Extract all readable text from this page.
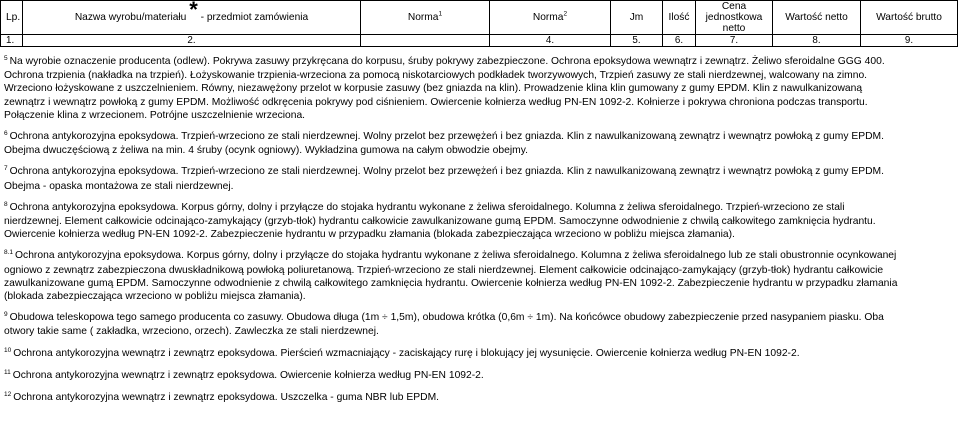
Lp.	Nazwa wyrobu/materiału * - przedmiot zamówienia	Norma$^1$	Norma$^2$	Jm	Ilość	Cena
jednostkowa
netto	Wartość netto	Wartość brutto
1.	2.		4.	5.	6.	7.	8.	9.

$^5$ Na wyrobie oznaczenie producenta (odlew). Pokrywa zasuwy przykręcana do korpusu, śruby pokrywy zabezpieczone. Ochrona epoksydowa wewnątrz i zewnątrz. Żeliwo sferoidalne GGG 400.

Ochrona trzpienia (nakładka na trzpień). Łożyskowanie trzpienia-wrzeciona za pomocą niskotarciowych podkładek tworzywowych, Trzpień zasuwy ze stali nierdzewnej, walcowany na zimno.

Wrzeciono łożyskowane z uszczelnieniem. Równy, niezawężony przelot w korpusie zasuwy (bez gniazda na klin). Prowadzenie klina klin gumowany z gumy EPDM. Klin z nawulkanizowaną

zewnątrz i wewnątrz powłoką z gumy EPDM. Możliwość odkręcenia pokrywy pod ciśnieniem. Owiercenie kołnierza według PN-EN 1092-2. Kołnierze i pokrywa chroniona podczas transportu.

Połączenie klina z wrzecionem. Potrójne uszczelnienie wrzeciona.

$^6$ Ochrona antykorozyjna epoksydowa. Trzpień-wrzeciono ze stali nierdzewnej. Wolny przelot bez przewężeń i bez gniazda. Klin z nawulkanizowaną zewnątrz i wewnątrz powłoką z gumy EPDM.

Obejma dwuczęściową z żeliwa na min. 4 śruby (ocynk ogniowy). Wykładzina gumowa na całym obwodzie obejmy.

$^7$ Ochrona antykorozyjna epoksydowa. Trzpień-wrzeciono ze stali nierdzewnej. Wolny przelot bez przewężeń i bez gniazda. Klin z nawulkanizowaną zewnątrz i wewnątrz powłoką z gumy EPDM.

Obejma - opaska montażowa ze stali nierdzewnej.

$^8$ Ochrona antykorozyjna epoksydowa. Korpus górny, dolny i przyłącze do stojaka hydrantu wykonane z żeliwa sferoidalnego. Kolumna z żeliwa sferoidalnego. Trzpień-wrzeciono ze stali

nierdzewnej. Element całkowicie odcinająco-zamykający (grzyb-tłok) hydrantu całkowicie zawulkanizowane gumą EPDM. Samoczynne odwodnienie z chwilą całkowitego zamknięcia hydrantu.

Owiercenie kołnierza według PN-EN 1092-2. Zabezpieczenie hydrantu w przypadku złamania (blokada zabezpieczająca wrzeciono w pobliżu miejsca złamania).

$^{8.1}$ Ochrona antykorozyjna epoksydowa. Korpus górny, dolny i przyłącze do stojaka hydrantu wykonane z żeliwa sferoidalnego. Kolumna z żeliwa sferoidalnego lub ze stali obustronnie ocynkowanej

ogniowo z zewnątrz zabezpieczona dwuskładnikową powłoką poliuretanową. Trzpień-wrzeciono ze stali nierdzewnej. Element całkowicie odcinająco-zamykający (grzyb-tłok) hydrantu całkowicie

zawulkanizowane gumą EPDM. Samoczynne odwodnienie z chwilą całkowitego zamknięcia hydrantu. Owiercenie kołnierza według PN-EN 1092-2. Zabezpieczenie hydrantu w przypadku złamania

(blokada zabezpieczająca wrzeciono w pobliżu miejsca złamania).

$^9$ Obudowa teleskopowa tego samego producenta co zasuwy. Obudowa długa (1m ÷ 1,5m), obudowa krótka (0,6m ÷ 1m). Na końcówce obudowy zabezpieczenie przed nasypaniem piasku. Oba

otwory takie same ( zakładka, wrzeciono, orzech). Zawleczka ze stali nierdzewnej.

$^{10}$ Ochrona antykorozyjna wewnątrz i zewnątrz epoksydowa. Pierścień wzmacniający - zaciskający rurę i blokujący jej wysunięcie. Owiercenie kołnierza według PN-EN 1092-2.

$^{11}$ Ochrona antykorozyjna wewnątrz i zewnątrz epoksydowa. Owiercenie kołnierza według PN-EN 1092-2.

$^{12}$ Ochrona antykorozyjna wewnątrz i zewnątrz epoksydowa. Uszczelka - guma NBR lub EPDM.
